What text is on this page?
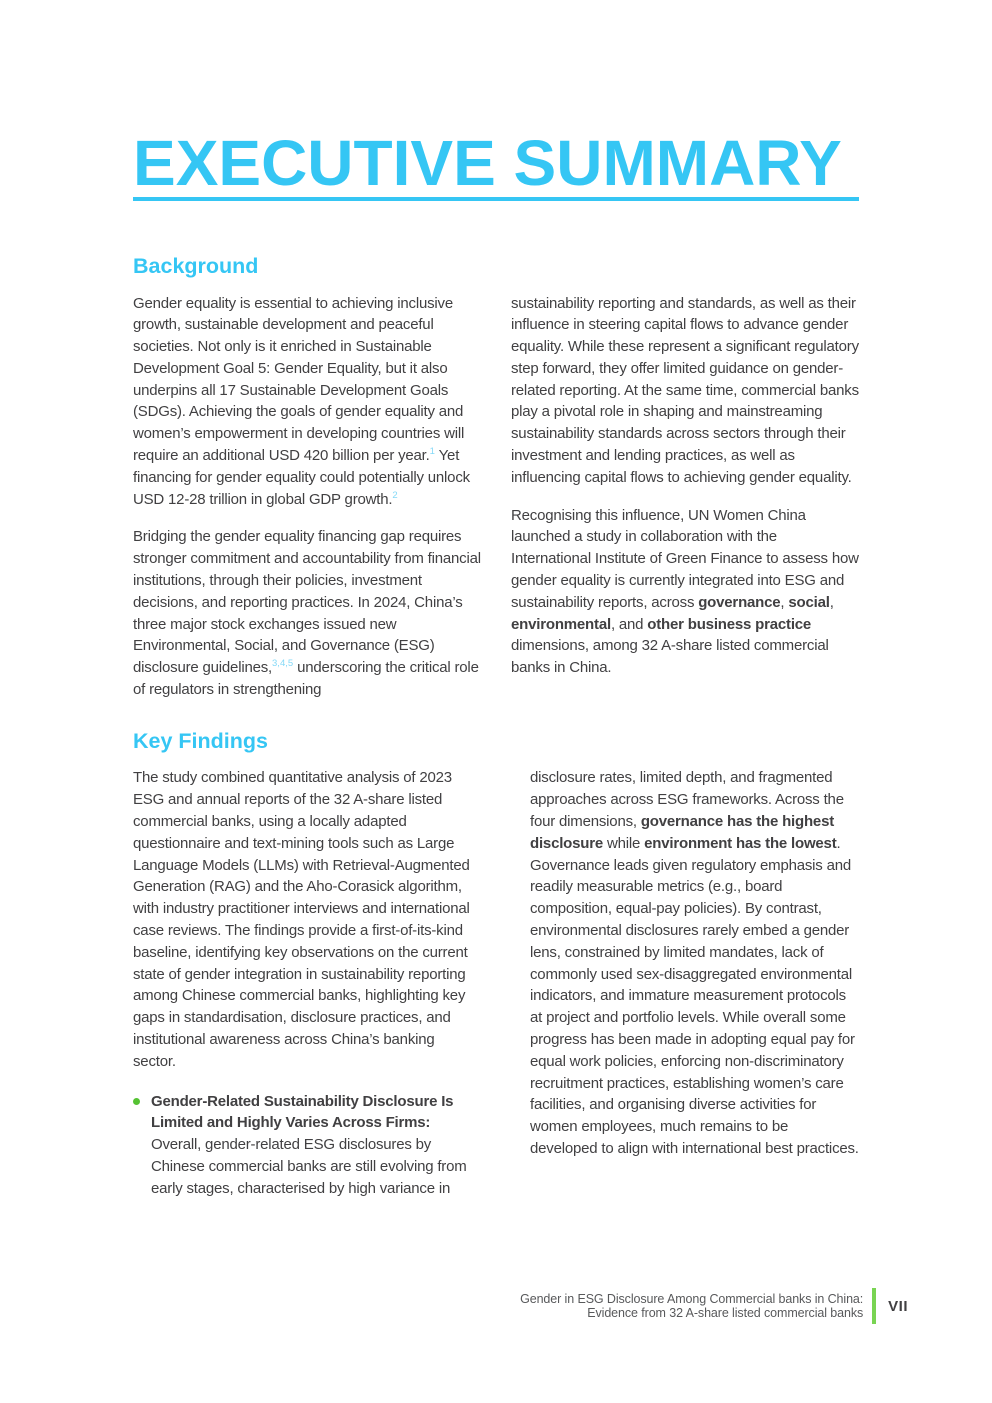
EXECUTIVE SUMMARY
Background

Gender equality is essential to achieving inclusive growth, sustainable development and peaceful societies. Not only is it enriched in Sustainable Development Goal 5: Gender Equality, but it also underpins all 17 Sustainable Development Goals (SDGs). Achieving the goals of gender equality and women’s empowerment in developing countries will require an additional USD 420 billion per year.$^1$ Yet financing for gender equality could potentially unlock USD 12-28 trillion in global GDP growth.$^2$

Bridging the gender equality financing gap requires stronger commitment and accountability from financial institutions, through their policies, investment decisions, and reporting practices. In 2024, China’s three major stock exchanges issued new Environmental, Social, and Governance (ESG) disclosure guidelines,$^{3,4,5}$ underscoring the critical role of regulators in strengthening

sustainability reporting and standards, as well as their influence in steering capital flows to advance gender equality. While these represent a significant regulatory step forward, they offer limited guidance on gender-related reporting. At the same time, commercial banks play a pivotal role in shaping and mainstreaming sustainability standards across sectors through their investment and lending practices, as well as influencing capital flows to achieving gender equality.

Recognising this influence, UN Women China launched a study in collaboration with the International Institute of Green Finance to assess how gender equality is currently integrated into ESG and sustainability reports, across governance, social, environmental, and other business practice dimensions, among 32 A-share listed commercial banks in China.

Key Findings

The study combined quantitative analysis of 2023 ESG and annual reports of the 32 A-share listed commercial banks, using a locally adapted questionnaire and text-mining tools such as Large Language Models (LLMs) with Retrieval-Augmented Generation (RAG) and the Aho-Corasick algorithm, with industry practitioner interviews and international case reviews. The findings provide a first-of-its-kind baseline, identifying key observations on the current state of gender integration in sustainability reporting among Chinese commercial banks, highlighting key gaps in standardisation, disclosure practices, and institutional awareness across China’s banking sector.

Gender-Related Sustainability Disclosure Is Limited and Highly Varies Across Firms: Overall, gender-related ESG disclosures by Chinese commercial banks are still evolving from early stages, characterised by high variance in

disclosure rates, limited depth, and fragmented approaches across ESG frameworks. Across the four dimensions, governance has the highest disclosure while environment has the lowest. Governance leads given regulatory emphasis and readily measurable metrics (e.g., board composition, equal-pay policies). By contrast, environmental disclosures rarely embed a gender lens, constrained by limited mandates, lack of commonly used sex-disaggregated environmental indicators, and immature measurement protocols at project and portfolio levels. While overall some progress has been made in adopting equal pay for equal work policies, enforcing non-discriminatory recruitment practices, establishing women’s care facilities, and organising diverse activities for women employees, much remains to be developed to align with international best practices.

Gender in ESG Disclosure Among Commercial banks in China:
Evidence from 32 A-share listed commercial banks VII
